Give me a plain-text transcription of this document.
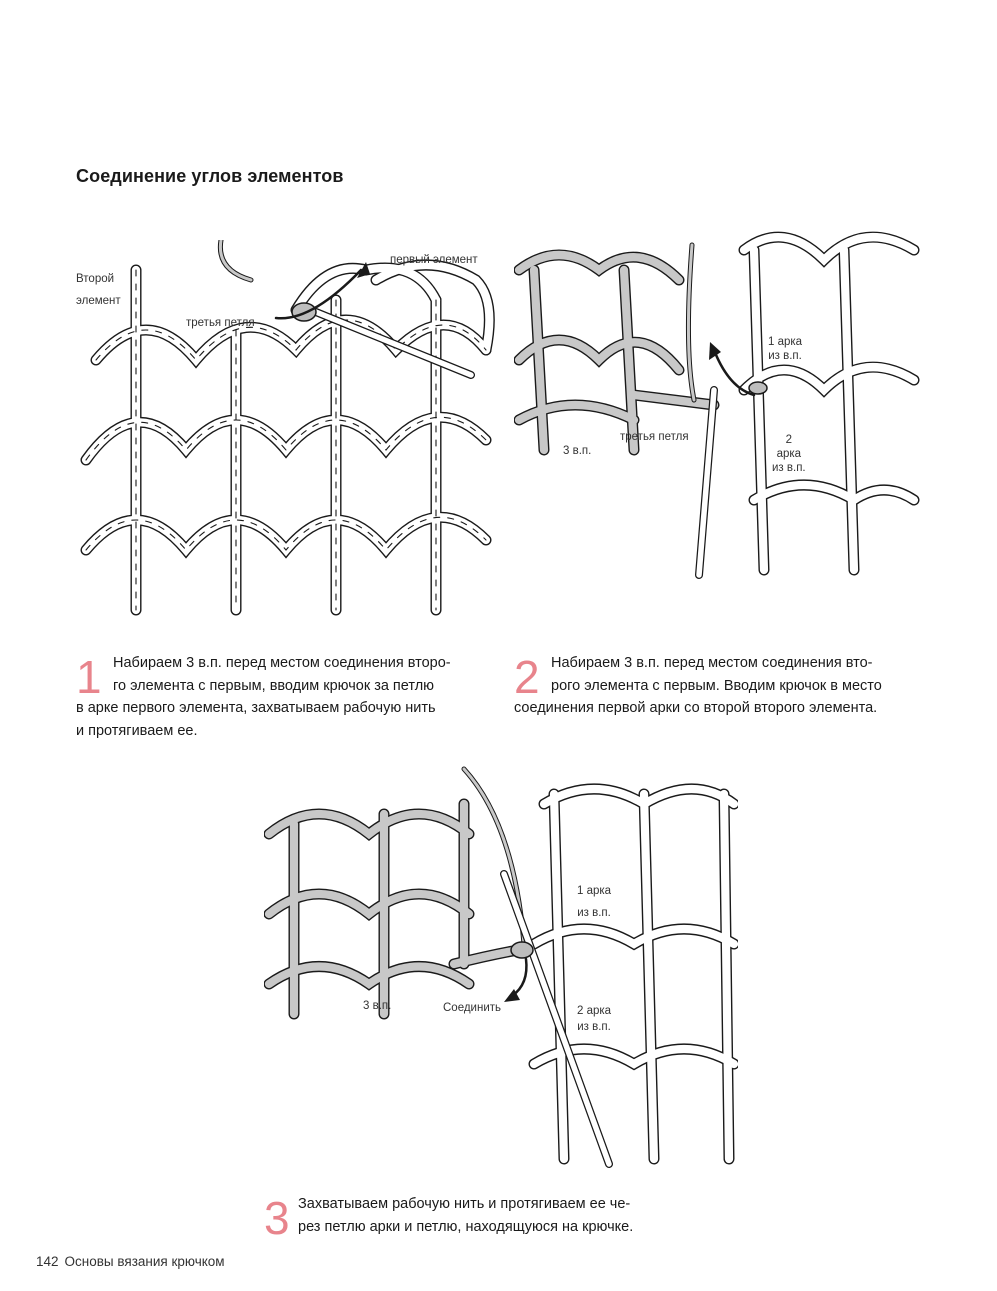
Соединение углов элементов
Второй
элемент
третья петля
первый элемент
1 арка
из в.п.
2
арка
из в.п.
третья петля
3 в.п.
1 Набираем 3 в.п. перед местом соединения второ-
го элемента с первым, вводим крючок за петлю
в арке первого элемента, захватываем рабочую нить
и протягиваем ее.
2 Набираем 3 в.п. перед местом соединения вто-
рого элемента с первым. Вводим крючок в место
соединения первой арки со второй второго элемента.
1 арка
из в.п.
2 арка
из в.п.
3 в.п.	Соединить
3 Захватываем рабочую нить и протягиваем ее че-
рез петлю арки и петлю, находящуюся на крючке.
142 Основы вязания крючком
